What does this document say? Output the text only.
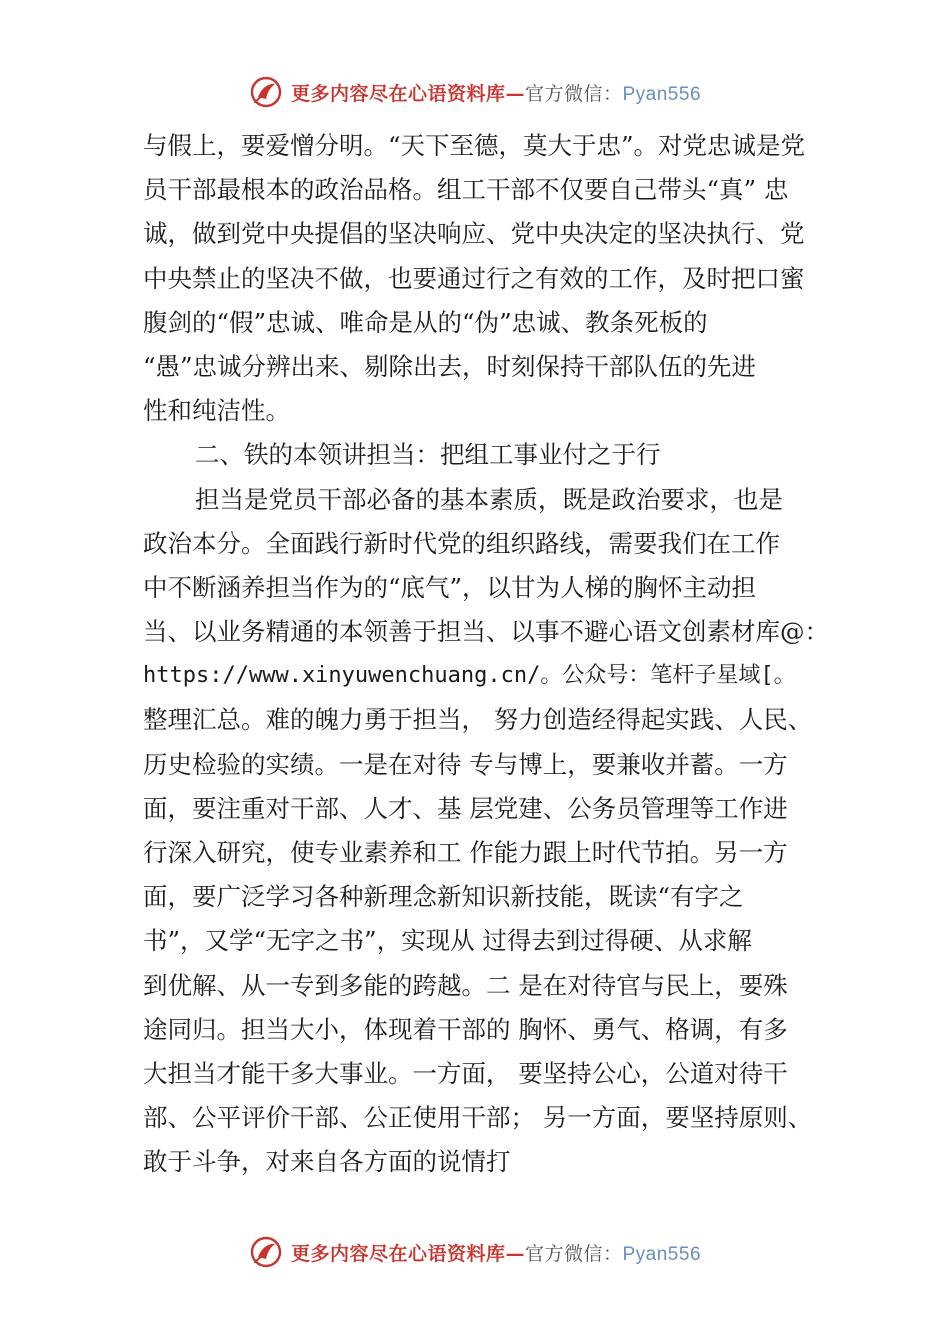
更多内容尽在心语资料库—官方微信：Pyan556
与假上，要爱憎分明。“天下至德，莫大于忠”。对党忠诚是党
员干部最根本的政治品格。组工干部不仅要自己带头“真” 忠
诚，做到党中央提倡的坚决响应、党中央决定的坚决执行、党
中央禁止的坚决不做，也要通过行之有效的工作，及时把口蜜
腹剑的“假”忠诚、唯命是从的“伪”忠诚、教条死板的
“愚”忠诚分辨出来、剔除出去，时刻保持干部队伍的先进
性和纯洁性。
二、铁的本领讲担当：把组工事业付之于行
担当是党员干部必备的基本素质，既是政治要求，也是
政治本分。全面践行新时代党的组织路线，需要我们在工作
中不断涵养担当作为的“底气”，以甘为人梯的胸怀主动担
当、以业务精通的本领善于担当、以事不避心语文创素材库@：
https://www.xinyuwenchuang.cn/。公众号：笔杆子星域[。
整理汇总。难的魄力勇于担当， 努力创造经得起实践、人民、
历史检验的实绩。一是在对待 专与博上，要兼收并蓄。一方
面，要注重对干部、人才、基 层党建、公务员管理等工作进
行深入研究，使专业素养和工 作能力跟上时代节拍。另一方
面，要广泛学习各种新理念新知识新技能，既读“有字之
书”，又学“无字之书”，实现从 过得去到过得硬、从求解
到优解、从一专到多能的跨越。二 是在对待官与民上，要殊
途同归。担当大小，体现着干部的 胸怀、勇气、格调，有多
大担当才能干多大事业。一方面， 要坚持公心，公道对待干
部、公平评价干部、公正使用干部； 另一方面，要坚持原则、
敢于斗争，对来自各方面的说情打
更多内容尽在心语资料库—官方微信：Pyan556
